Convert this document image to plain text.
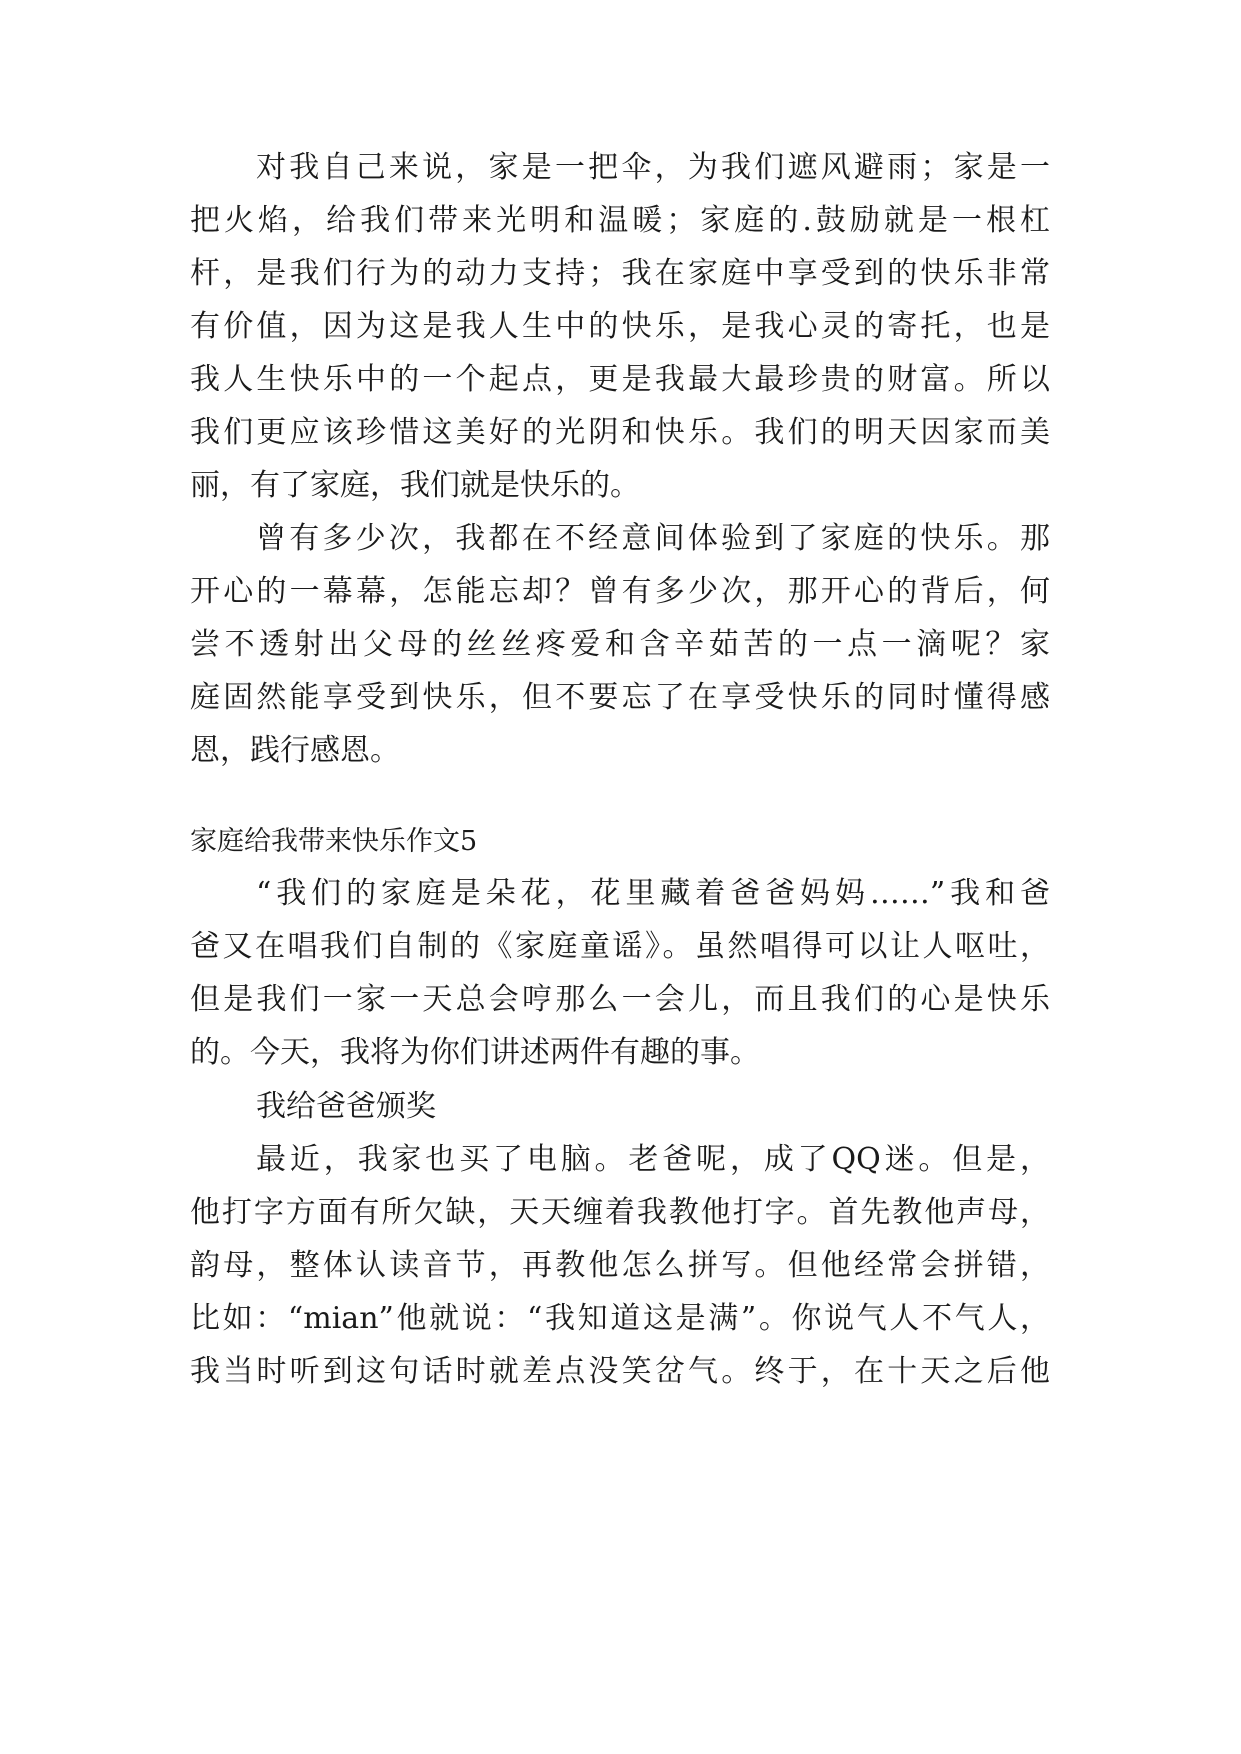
对我自己来说，家是一把伞，为我们遮风避雨；家是一
把火焰，给我们带来光明和温暖；家庭的.鼓励就是一根杠
杆，是我们行为的动力支持；我在家庭中享受到的快乐非常
有价值，因为这是我人生中的快乐，是我心灵的寄托，也是
我人生快乐中的一个起点，更是我最大最珍贵的财富。所以
我们更应该珍惜这美好的光阴和快乐。我们的明天因家而美
丽，有了家庭，我们就是快乐的。
曾有多少次，我都在不经意间体验到了家庭的快乐。那
开心的一幕幕，怎能忘却？曾有多少次，那开心的背后，何
尝不透射出父母的丝丝疼爱和含辛茹苦的一点一滴呢？家
庭固然能享受到快乐，但不要忘了在享受快乐的同时懂得感
恩，践行感恩。
家庭给我带来快乐作文5
“我们的家庭是朵花，花里藏着爸爸妈妈……”我和爸
爸又在唱我们自制的《家庭童谣》。虽然唱得可以让人呕吐，
但是我们一家一天总会哼那么一会儿，而且我们的心是快乐
的。今天，我将为你们讲述两件有趣的事。
我给爸爸颁奖
最近，我家也买了电脑。老爸呢，成了QQ迷。但是，
他打字方面有所欠缺，天天缠着我教他打字。首先教他声母，
韵母，整体认读音节，再教他怎么拼写。但他经常会拼错，
比如：“mian”他就说：“我知道这是满”。你说气人不气人，
我当时听到这句话时就差点没笑岔气。终于，在十天之后他
